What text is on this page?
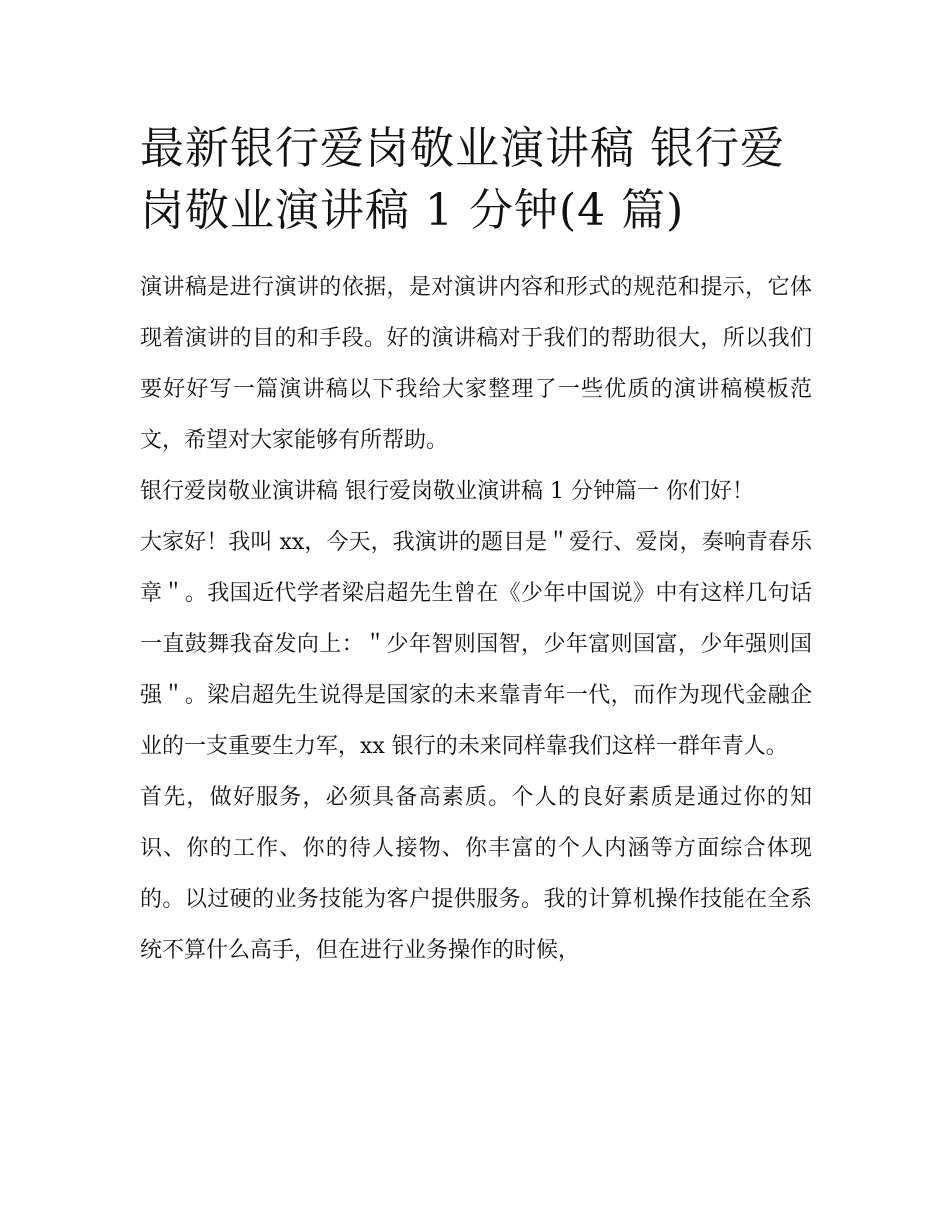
最新银行爱岗敬业演讲稿 银行爱岗敬业演讲稿 1 分钟(4 篇)

演讲稿是进行演讲的依据，是对演讲内容和形式的规范和提示，它体现着演讲的目的和手段。好的演讲稿对于我们的帮助很大，所以我们要好好写一篇演讲稿以下我给大家整理了一些优质的演讲稿模板范文，希望对大家能够有所帮助。

银行爱岗敬业演讲稿 银行爱岗敬业演讲稿 1 分钟篇一 你们好！

大家好！我叫 xx，今天，我演讲的题目是＂爱行、爱岗，奏响青春乐章＂。我国近代学者梁启超先生曾在《少年中国说》中有这样几句话一直鼓舞我奋发向上：＂少年智则国智，少年富则国富，少年强则国强＂。梁启超先生说得是国家的未来靠青年一代，而作为现代金融企业的一支重要生力军，xx 银行的未来同样靠我们这样一群年青人。

首先，做好服务，必须具备高素质。个人的良好素质是通过你的知识、你的工作、你的待人接物、你丰富的个人内涵等方面综合体现的。以过硬的业务技能为客户提供服务。我的计算机操作技能在全系统不算什么高手，但在进行业务操作的时候，
